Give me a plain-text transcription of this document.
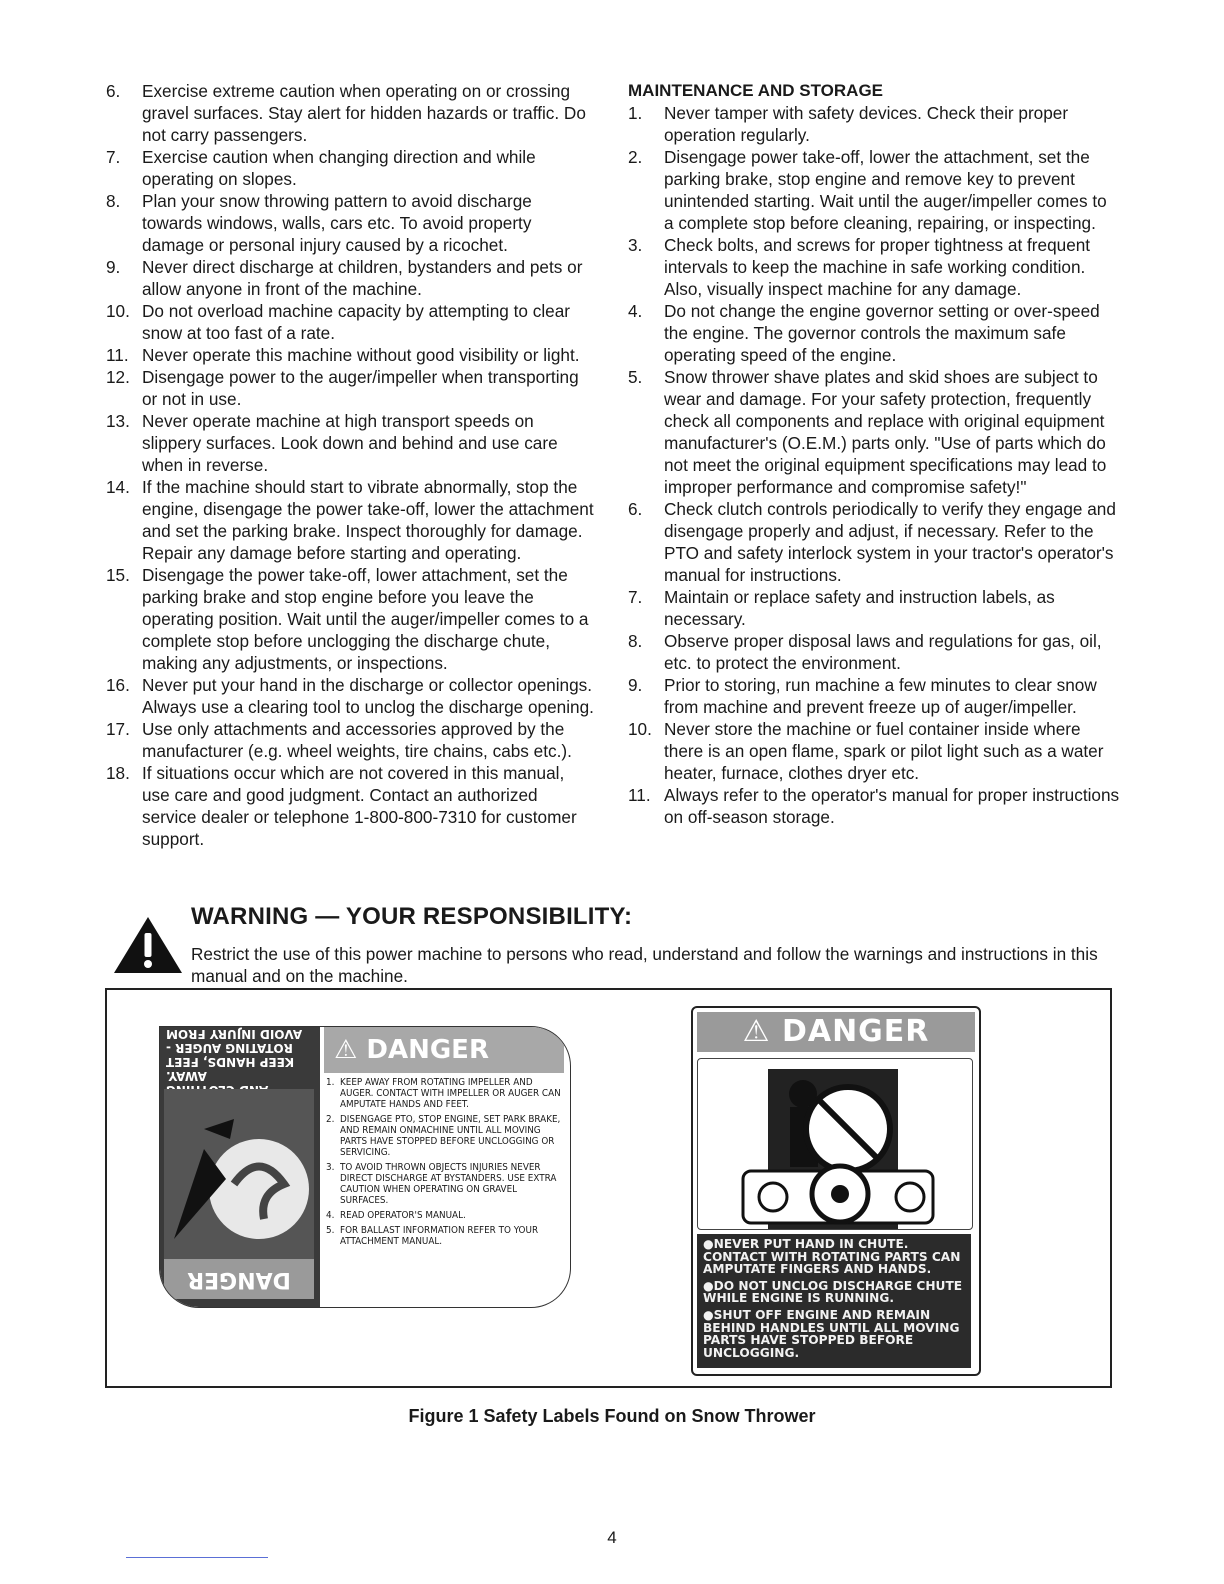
6. Exercise extreme caution when operating on or crossing gravel surfaces. Stay alert for hidden hazards or traffic. Do not carry passengers.
7. Exercise caution when changing direction and while operating on slopes.
8. Plan your snow throwing pattern to avoid discharge towards windows, walls, cars etc. To avoid property damage or personal injury caused by a ricochet.
9. Never direct discharge at children, bystanders and pets or allow anyone in front of the machine.
10. Do not overload machine capacity by attempting to clear snow at too fast of a rate.
11. Never operate this machine without good visibility or light.
12. Disengage power to the auger/impeller when transporting or not in use.
13. Never operate machine at high transport speeds on slippery surfaces. Look down and behind and use care when in reverse.
14. If the machine should start to vibrate abnormally, stop the engine, disengage the power take-off, lower the attachment and set the parking brake. Inspect thoroughly for damage. Repair any damage before starting and operating.
15. Disengage the power take-off, lower attachment, set the parking brake and stop engine before you leave the operating position. Wait until the auger/impeller comes to a complete stop before unclogging the discharge chute, making any adjustments, or inspections.
16. Never put your hand in the discharge or collector openings. Always use a clearing tool to unclog the discharge opening.
17. Use only attachments and accessories approved by the manufacturer (e.g. wheel weights, tire chains, cabs etc.).
18. If situations occur which are not covered in this manual, use care and good judgment. Contact an authorized service dealer or telephone 1-800-800-7310 for customer support.
MAINTENANCE AND STORAGE
1. Never tamper with safety devices. Check their proper operation regularly.
2. Disengage power take-off, lower the attachment, set the parking brake, stop engine and remove key to prevent unintended starting. Wait until the auger/impeller comes to a complete stop before cleaning, repairing, or inspecting.
3. Check bolts, and screws for proper tightness at frequent intervals to keep the machine in safe working condition. Also, visually inspect machine for any damage.
4. Do not change the engine governor setting or over-speed the engine. The governor controls the maximum safe operating speed of the engine.
5. Snow thrower shave plates and skid shoes are subject to wear and damage. For your safety protection, frequently check all components and replace with original equipment manufacturer's (O.E.M.) parts only. "Use of parts which do not meet the original equipment specifications may lead to improper performance and compromise safety!"
6. Check clutch controls periodically to verify they engage and disengage properly and adjust, if necessary. Refer to the PTO and safety interlock system in your tractor's operator's manual for instructions.
7. Maintain or replace safety and instruction labels, as necessary.
8. Observe proper disposal laws and regulations for gas, oil, etc. to protect the environment.
9. Prior to storing, run machine a few minutes to clear snow from machine and prevent freeze up of auger/impeller.
10. Never store the machine or fuel container inside where there is an open flame, spark or pilot light such as a water heater, furnace, clothes dryer etc.
11. Always refer to the operator's manual for proper instructions on off-season storage.
WARNING — YOUR RESPONSIBILITY:
Restrict the use of this power machine to persons who read, understand and follow the warnings and instructions in this manual and on the machine.
AWAY.
KEEP HANDS, FEET
ROTATING AUGER -
AVOID INJURY FROM
DANGER
⚠ DANGER
1. KEEP AWAY FROM ROTATING IMPELLER AND AUGER. CONTACT WITH IMPELLER OR AUGER CAN AMPUTATE HANDS AND FEET.
2. DISENGAGE PTO, STOP ENGINE, SET PARK BRAKE, AND REMAIN ONMACHINE UNTIL ALL MOVING PARTS HAVE STOPPED BEFORE UNCLOGGING OR SERVICING.
3. TO AVOID THROWN OBJECTS INJURIES NEVER DIRECT DISCHARGE AT BYSTANDERS. USE EXTRA CAUTION WHEN OPERATING ON GRAVEL SURFACES.
4. READ OPERATOR'S MANUAL.
5. FOR BALLAST INFORMATION REFER TO YOUR ATTACHMENT MANUAL.
⚠ DANGER
●NEVER PUT HAND IN CHUTE. CONTACT WITH ROTATING PARTS CAN AMPUTATE FINGERS AND HANDS.
●DO NOT UNCLOG DISCHARGE CHUTE WHILE ENGINE IS RUNNING.
●SHUT OFF ENGINE AND REMAIN BEHIND HANDLES UNTIL ALL MOVING PARTS HAVE STOPPED BEFORE UNCLOGGING.
Figure 1 Safety Labels Found on Snow Thrower
4
